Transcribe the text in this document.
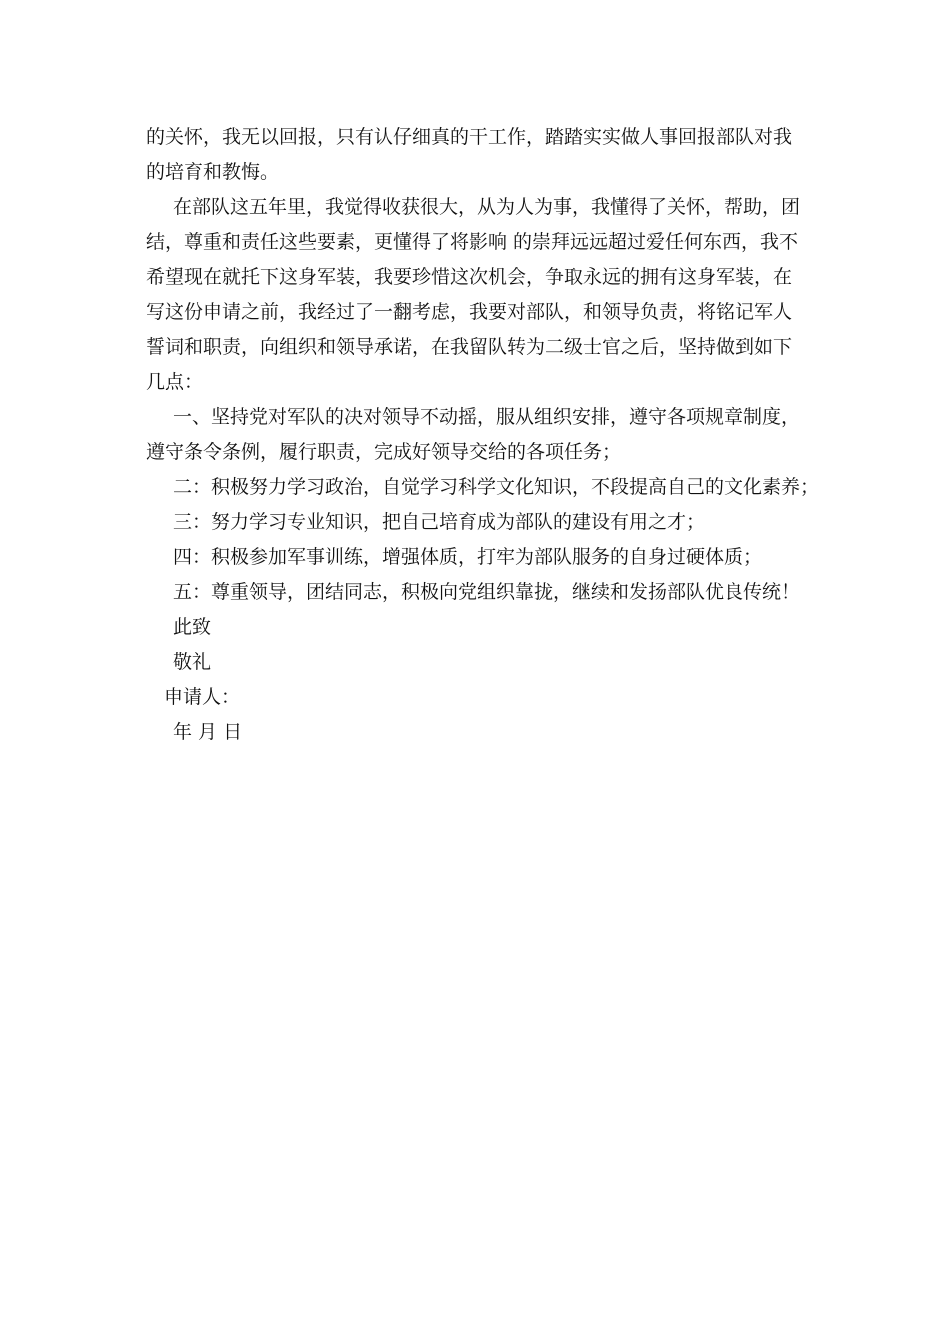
的关怀，我无以回报，只有认仔细真的干工作，踏踏实实做人事回报部队对我
的培育和教悔。
在部队这五年里，我觉得收获很大，从为人为事，我懂得了关怀，帮助，团
结，尊重和责任这些要素，更懂得了将影响 的崇拜远远超过爱任何东西，我不
希望现在就托下这身军装，我要珍惜这次机会，争取永远的拥有这身军装，在
写这份申请之前，我经过了一翻考虑，我要对部队，和领导负责，将铭记军人
誓词和职责，向组织和领导承诺，在我留队转为二级士官之后，坚持做到如下
几点：
一、坚持党对军队的决对领导不动摇，服从组织安排，遵守各项规章制度，
遵守条令条例，履行职责，完成好领导交给的各项任务；
二：积极努力学习政治，自觉学习科学文化知识，不段提高自己的文化素养；
三：努力学习专业知识，把自己培育成为部队的建设有用之才；
四：积极参加军事训练，增强体质，打牢为部队服务的自身过硬体质；
五：尊重领导，团结同志，积极向党组织靠拢，继续和发扬部队优良传统！
此致
敬礼
申请人：
年 月 日
